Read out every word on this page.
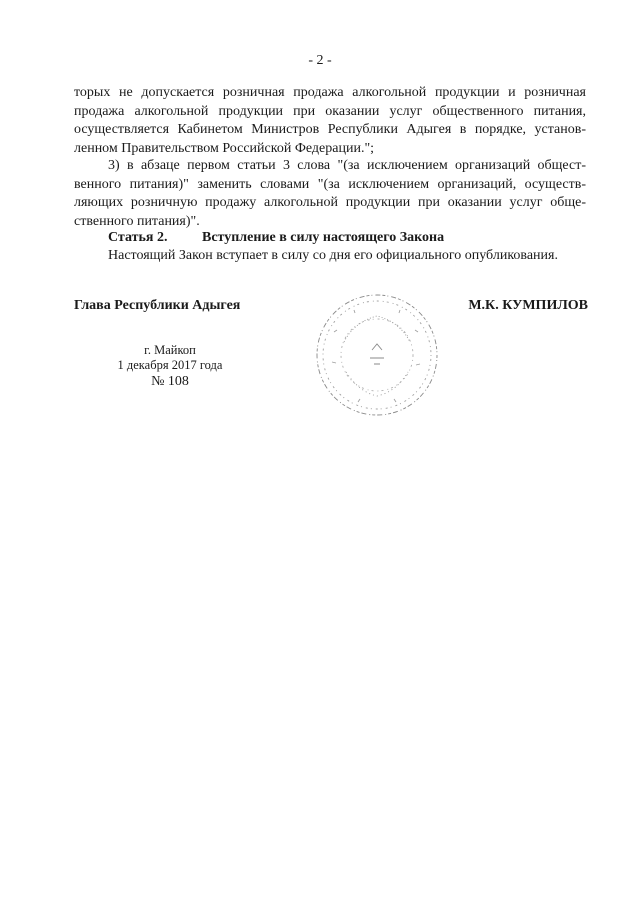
- 2 -
торых не допускается розничная продажа алкогольной продукции и розничная
продажа алкогольной продукции при оказании услуг общественного питания,
осуществляется Кабинетом Министров Республики Адыгея в порядке, установ-
ленном Правительством Российской Федерации.";
3) в абзаце первом статьи 3 слова "(за исключением организаций общест-
венного питания)" заменить словами "(за исключением организаций, осуществ-
ляющих розничную продажу алкогольной продукции при оказании услуг обще-
ственного питания)".
Статья 2. Вступление в силу настоящего Закона
Настоящий Закон вступает в силу со дня его официального опубликования.
Глава Республики Адыгея	М.К. КУМПИЛОВ
г. Майкоп
1 декабря 2017 года
№ 108
